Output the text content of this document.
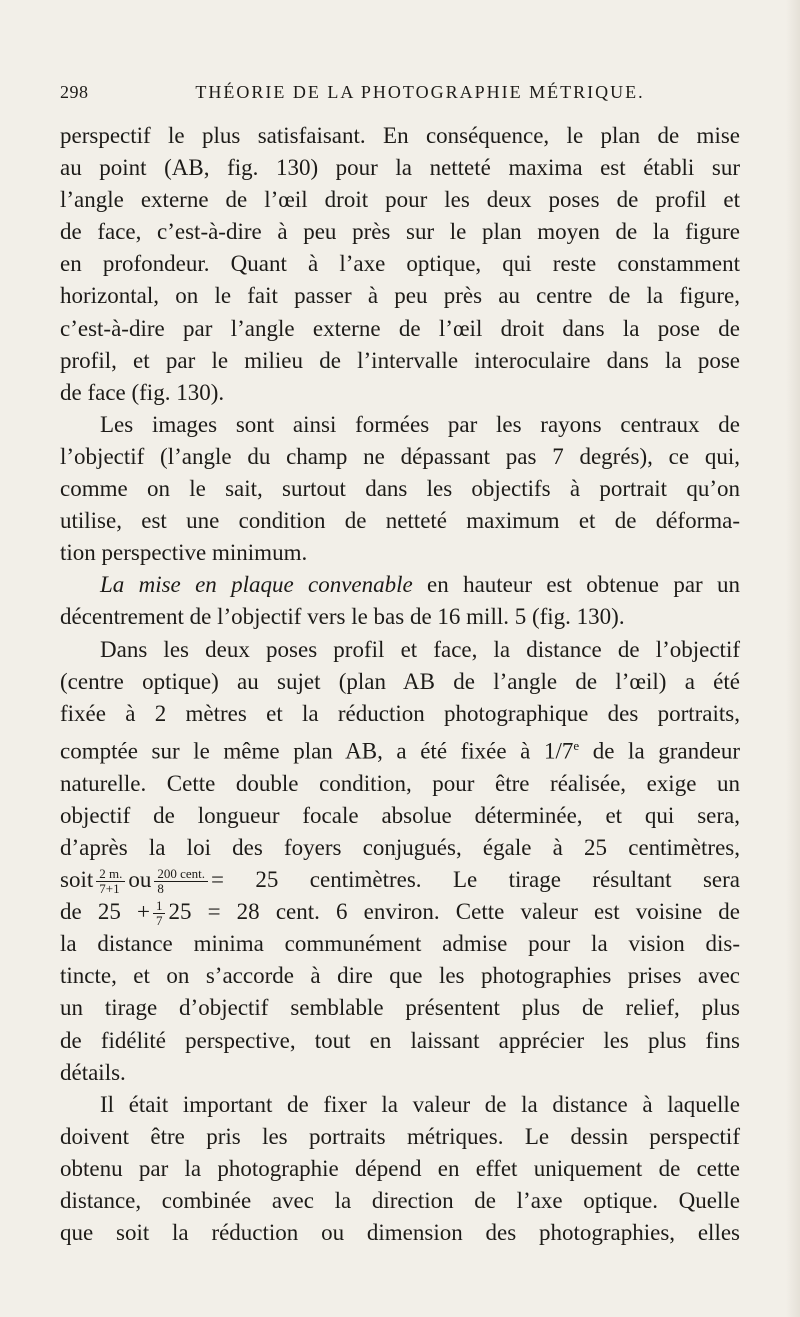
298	THÉORIE DE LA PHOTOGRAPHIE MÉTRIQUE.
perspectif le plus satisfaisant. En conséquence, le plan de mise
au point (AB, fig. 130) pour la netteté maxima est établi sur
l’angle externe de l’œil droit pour les deux poses de profil et
de face, c’est-à-dire à peu près sur le plan moyen de la figure
en profondeur. Quant à l’axe optique, qui reste constamment
horizontal, on le fait passer à peu près au centre de la figure,
c’est-à-dire par l’angle externe de l’œil droit dans la pose de
profil, et par le milieu de l’intervalle interoculaire dans la pose
de face (fig. 130).
Les images sont ainsi formées par les rayons centraux de
l’objectif (l’angle du champ ne dépassant pas 7 degrés), ce qui,
comme on le sait, surtout dans les objectifs à portrait qu’on
utilise, est une condition de netteté maximum et de déforma-
tion perspective minimum.
La mise en plaque convenable en hauteur est obtenue par un
décentrement de l’objectif vers le bas de 16 mill. 5 (fig. 130).
Dans les deux poses profil et face, la distance de l’objectif
(centre optique) au sujet (plan AB de l’angle de l’œil) a été
fixée à 2 mètres et la réduction photographique des portraits,
comptée sur le même plan AB, a été fixée à 1/7e de la grandeur
naturelle. Cette double condition, pour être réalisée, exige un
objectif de longueur focale absolue déterminée, et qui sera,
d’après la loi des foyers conjugués, égale à 25 centimètres,
soit $\frac{2 m.}{7+1}$ ou $\frac{\text{200 cent.}}{8} = 25$ centimètres. Le tirage résultant sera
de $25 + \frac{1}{7} 25 = 28$ cent. 6 environ. Cette valeur est voisine de
la distance minima communément admise pour la vision dis-
tincte, et on s’accorde à dire que les photographies prises avec
un tirage d’objectif semblable présentent plus de relief, plus
de fidélité perspective, tout en laissant apprécier les plus fins
détails.
Il était important de fixer la valeur de la distance à laquelle
doivent être pris les portraits métriques. Le dessin perspectif
obtenu par la photographie dépend en effet uniquement de cette
distance, combinée avec la direction de l’axe optique. Quelle
que soit la réduction ou dimension des photographies, elles
